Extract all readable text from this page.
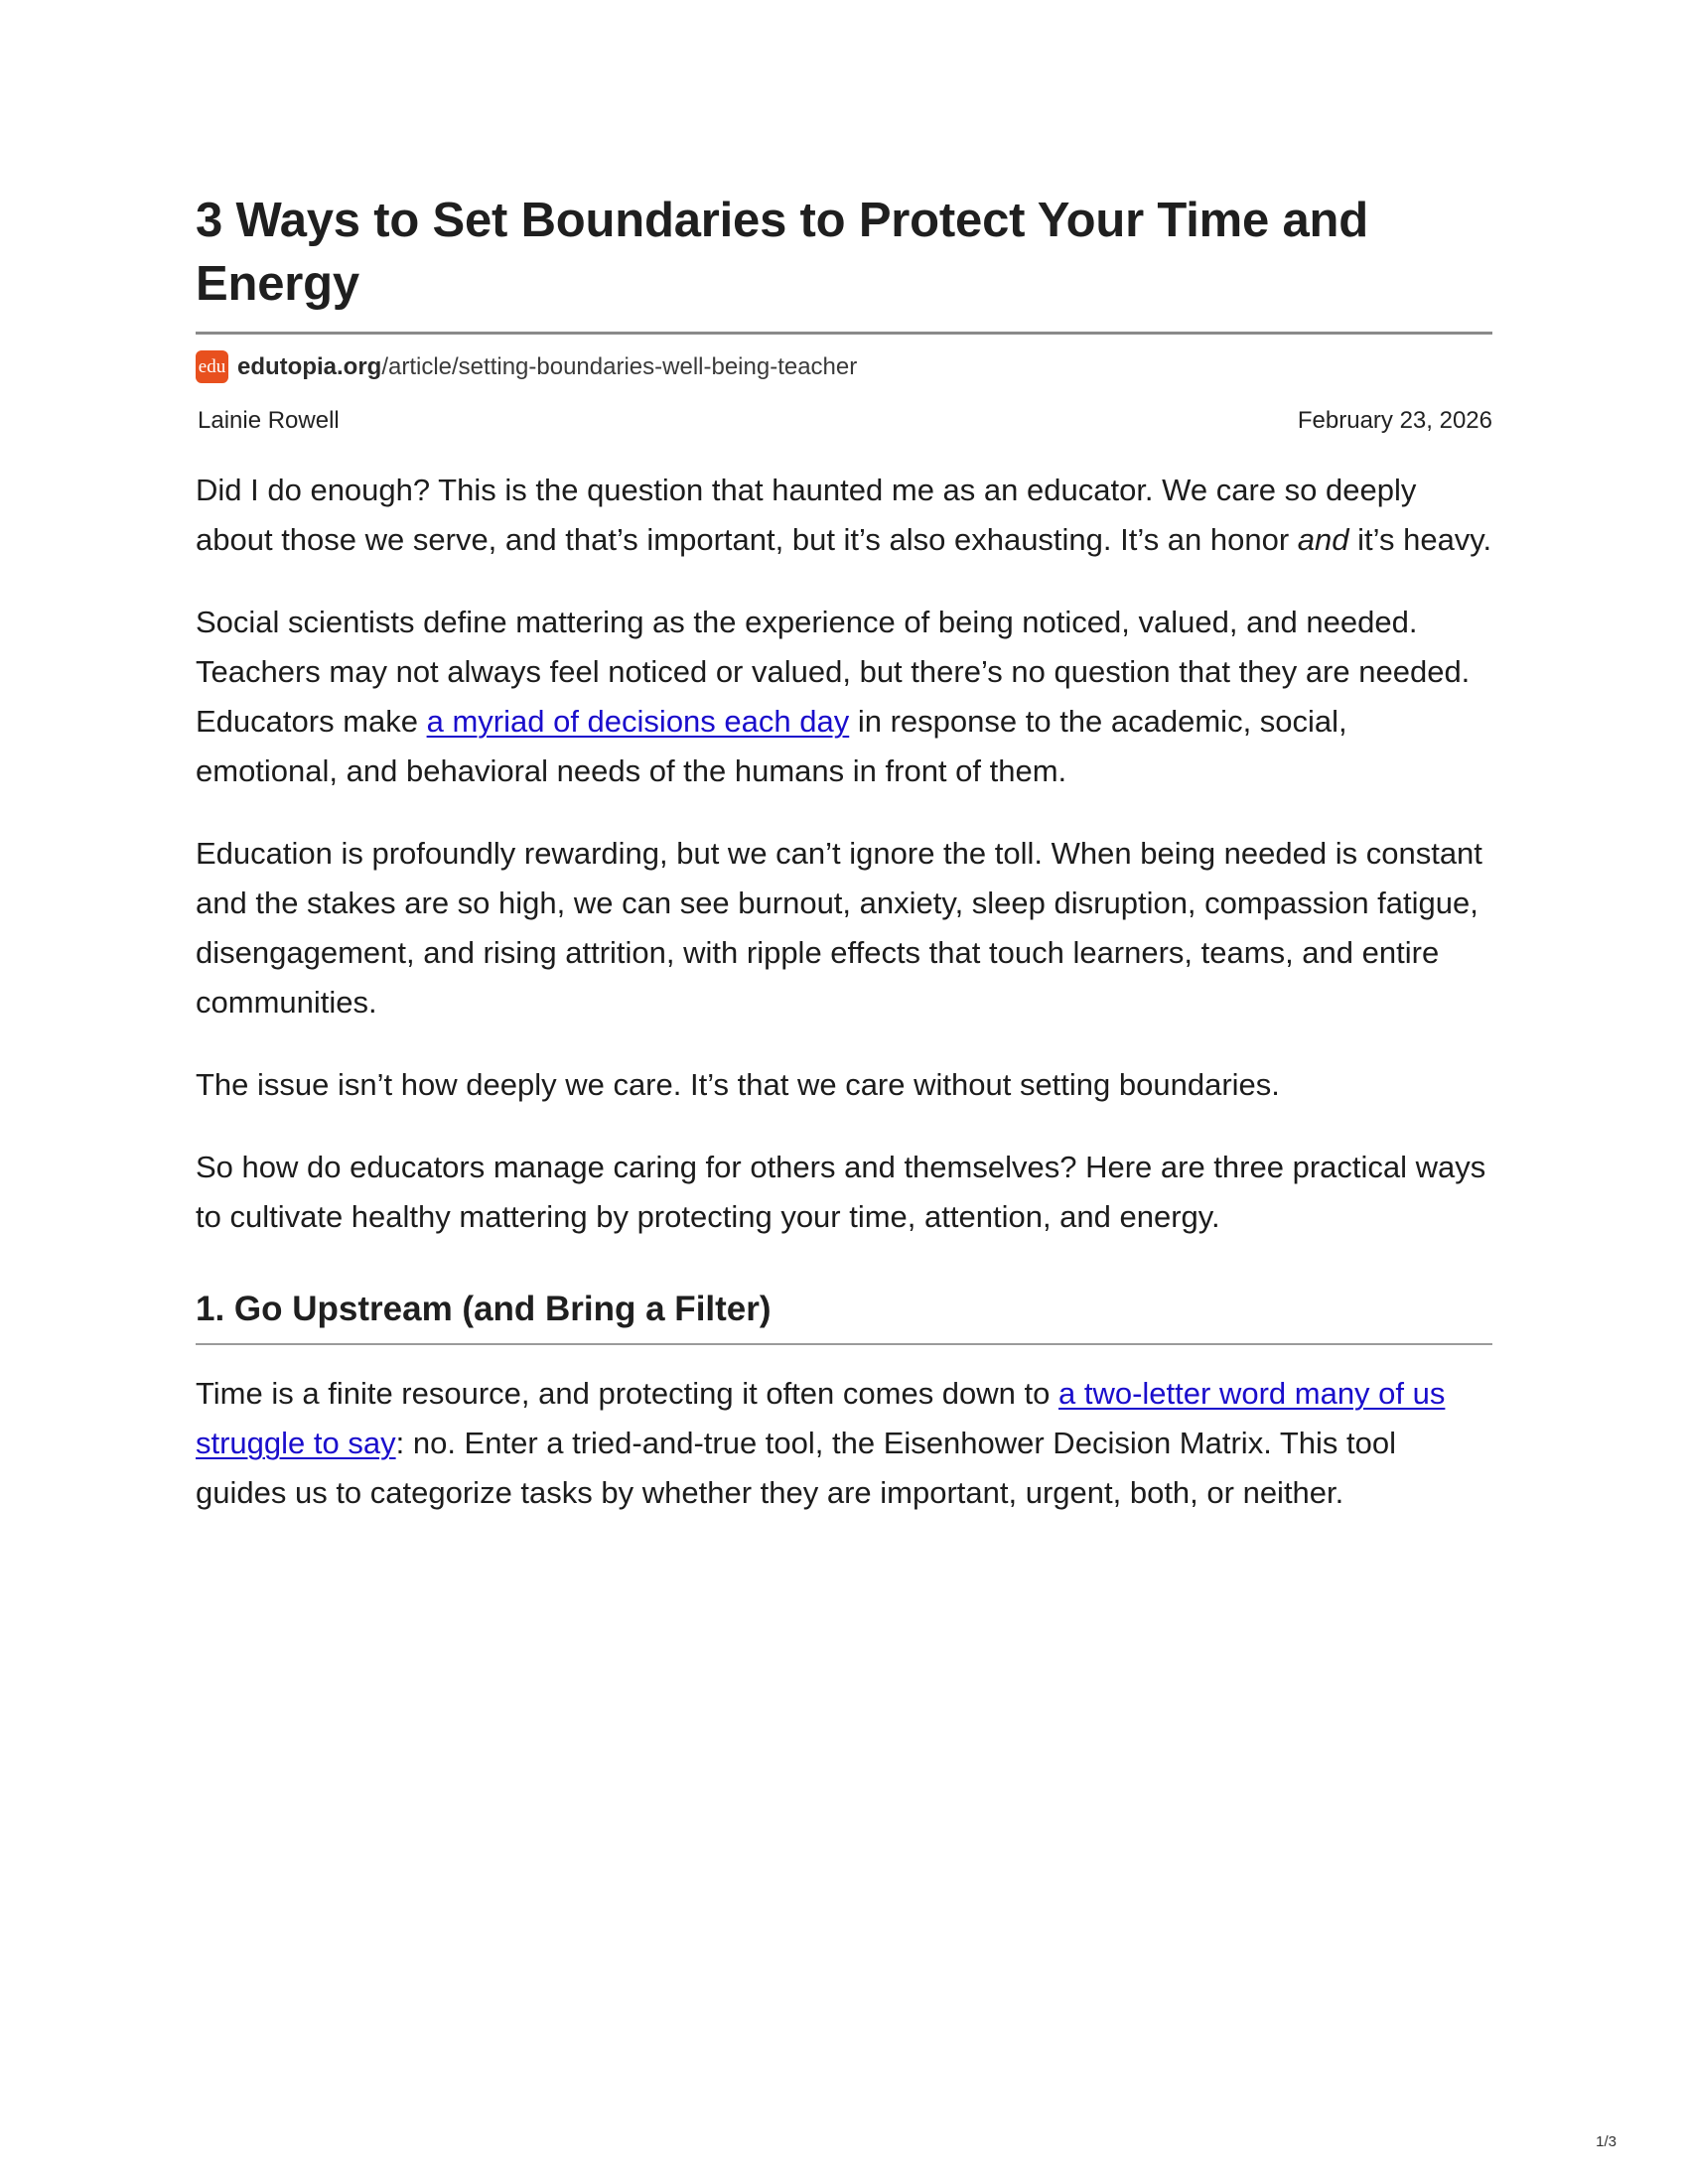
3 Ways to Set Boundaries to Protect Your Time and Energy
edu edutopia.org/article/setting-boundaries-well-being-teacher
Lainie Rowell	February 23, 2026

Did I do enough? This is the question that haunted me as an educator. We care so deeply about those we serve, and that’s important, but it’s also exhausting. It’s an honor and it’s heavy.

Social scientists define mattering as the experience of being noticed, valued, and needed. Teachers may not always feel noticed or valued, but there’s no question that they are needed. Educators make a myriad of decisions each day in response to the academic, social, emotional, and behavioral needs of the humans in front of them.

Education is profoundly rewarding, but we can’t ignore the toll. When being needed is constant and the stakes are so high, we can see burnout, anxiety, sleep disruption, compassion fatigue, disengagement, and rising attrition, with ripple effects that touch learners, teams, and entire communities.

The issue isn’t how deeply we care. It’s that we care without setting boundaries.

So how do educators manage caring for others and themselves? Here are three practical ways to cultivate healthy mattering by protecting your time, attention, and energy.

1. Go Upstream (and Bring a Filter)

Time is a finite resource, and protecting it often comes down to a two-letter word many of us struggle to say: no. Enter a tried-and-true tool, the Eisenhower Decision Matrix. This tool guides us to categorize tasks by whether they are important, urgent, both, or neither.

1/3
